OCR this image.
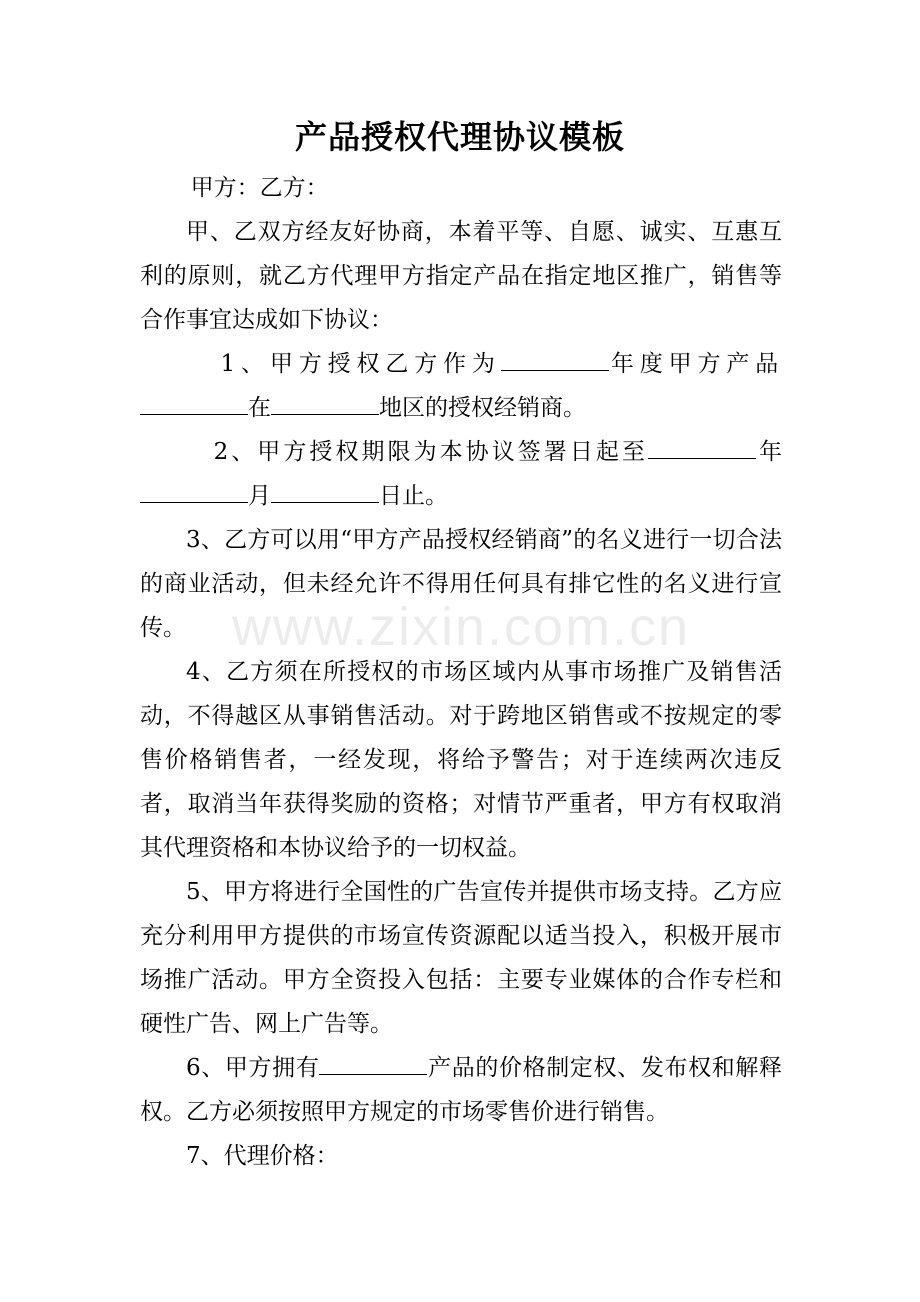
www.zixin.com.cn
产品授权代理协议模板

甲方：乙方：

甲、乙双方经友好协商，本着平等、自愿、诚实、互惠互利的原则，就乙方代理甲方指定产品在指定地区推广，销售等合作事宜达成如下协议：

1、甲方授权乙方作为	年度甲方产品在	地区的授权经销商。

2、甲方授权期限为本协议签署日起至	年月	日止。

3、乙方可以用“甲方产品授权经销商”的名义进行一切合法的商业活动，但未经允许不得用任何具有排它性的名义进行宣传。

4、乙方须在所授权的市场区域内从事市场推广及销售活动，不得越区从事销售活动。对于跨地区销售或不按规定的零售价格销售者，一经发现，将给予警告；对于连续两次违反者，取消当年获得奖励的资格；对情节严重者，甲方有权取消其代理资格和本协议给予的一切权益。

5、甲方将进行全国性的广告宣传并提供市场支持。乙方应充分利用甲方提供的市场宣传资源配以适当投入，积极开展市场推广活动。甲方全资投入包括：主要专业媒体的合作专栏和硬性广告、网上广告等。

6、甲方拥有	产品的价格制定权、发布权和解释权。乙方必须按照甲方规定的市场零售价进行销售。

7、代理价格：
